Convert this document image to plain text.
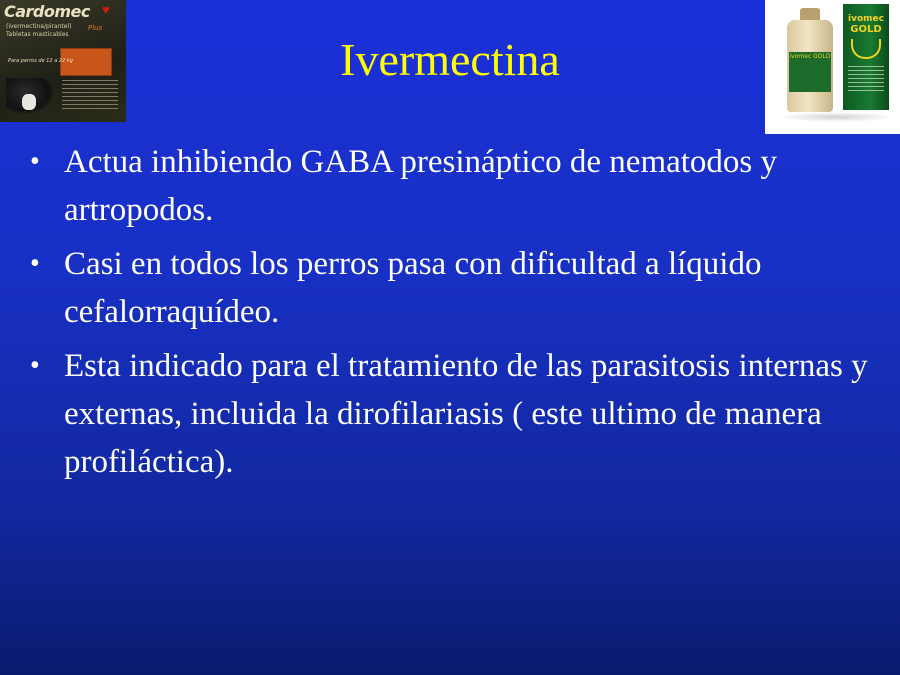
Cardomec ♥
(ivermectina/pirantel)
Tabletas masticables
Plus
Para perros de 12 a 22 kg
ivomec GOLD
ivomec
GOLD
Ivermectina
• Actua inhibiendo GABA presináptico de nematodos y artropodos.
• Casi en todos los perros pasa con dificultad a líquido cefalorraquídeo.
• Esta indicado para el tratamiento de las parasitosis internas y externas, incluida la dirofilariasis ( este ultimo de manera profiláctica).
